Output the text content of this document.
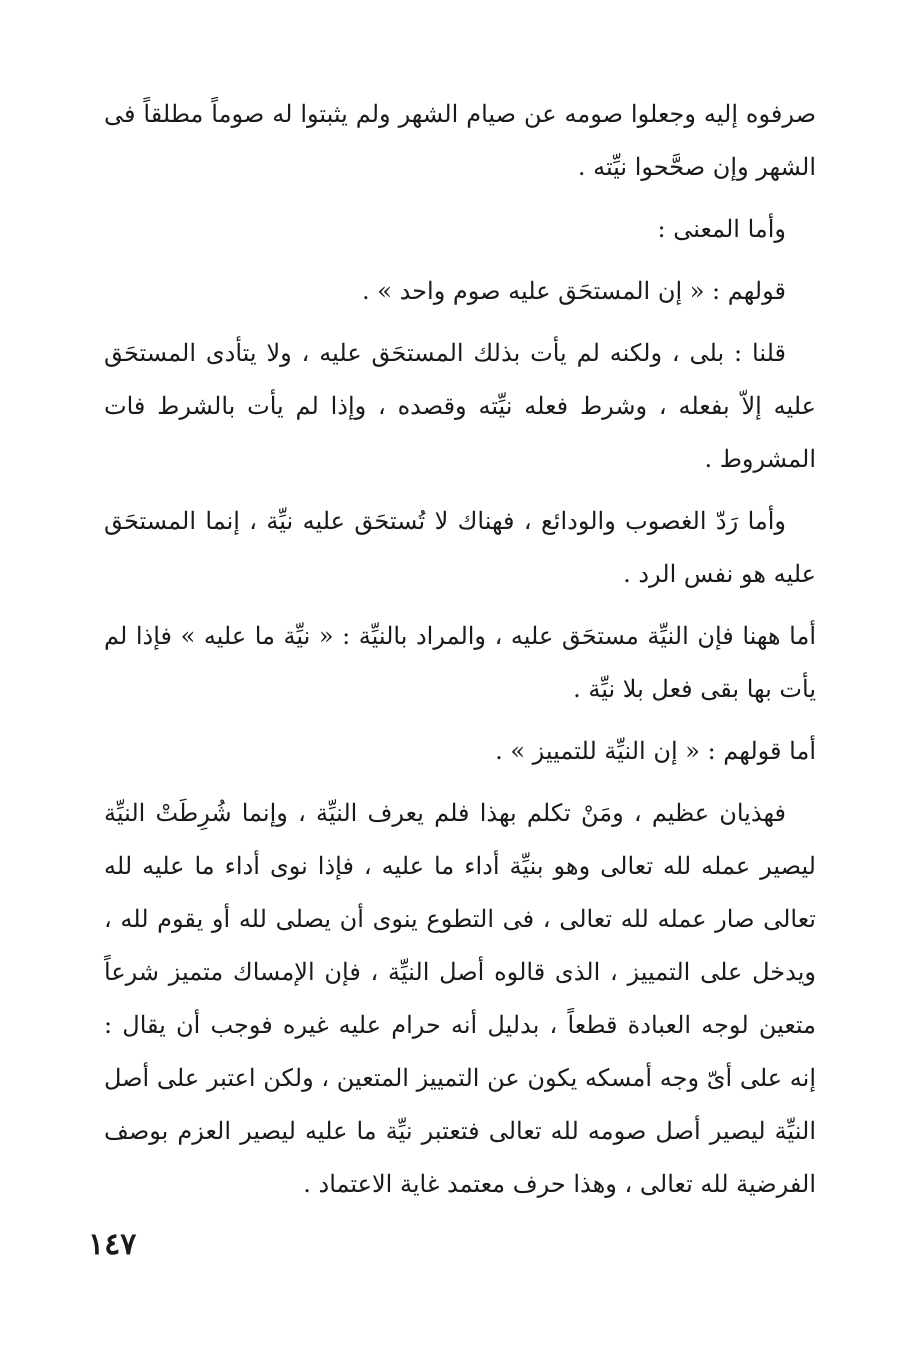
صرفوه إليه وجعلوا صومه عن صيام الشهر ولم يثبتوا له صوماً مطلقاً فى الشهر وإن صحَّحوا نيِّته .

وأما المعنى :

قولهم : « إن المستحَق عليه صوم واحد » .

قلنا : بلى ، ولكنه لم يأت بذلك المستحَق عليه ، ولا يتأدى المستحَق عليه إلاّ بفعله ، وشرط فعله نيِّته وقصده ، وإذا لم يأت بالشرط فات المشروط .

وأما رَدّ الغصوب والودائع ، فهناك لا تُستحَق عليه نيِّة ، إنما المستحَق عليه هو نفس الرد .

أما ههنا فإن النيِّة مستحَق عليه ، والمراد بالنيِّة : « نيِّة ما عليه » فإذا لم يأت بها بقى فعل بلا نيِّة .

أما قولهم : « إن النيِّة للتمييز » .

فهذيان عظيم ، ومَنْ تكلم بهذا فلم يعرف النيِّة ، وإنما شُرِطَتْ النيِّة ليصير عمله لله تعالى وهو بنيِّة أداء ما عليه ، فإذا نوى أداء ما عليه لله تعالى صار عمله لله تعالى ، فى التطوع ينوى أن يصلى لله أو يقوم لله ، ويدخل على التمييز ، الذى قالوه أصل النيِّة ، فإن الإمساك متميز شرعاً متعين لوجه العبادة قطعاً ، بدليل أنه حرام عليه غيره فوجب أن يقال : إنه على أىّ وجه أمسكه يكون عن التمييز المتعين ، ولكن اعتبر على أصل النيِّة ليصير أصل صومه لله تعالى فتعتبر نيِّة ما عليه ليصير العزم بوصف الفرضية لله تعالى ، وهذا حرف معتمد غاية الاعتماد .

١٤٧
